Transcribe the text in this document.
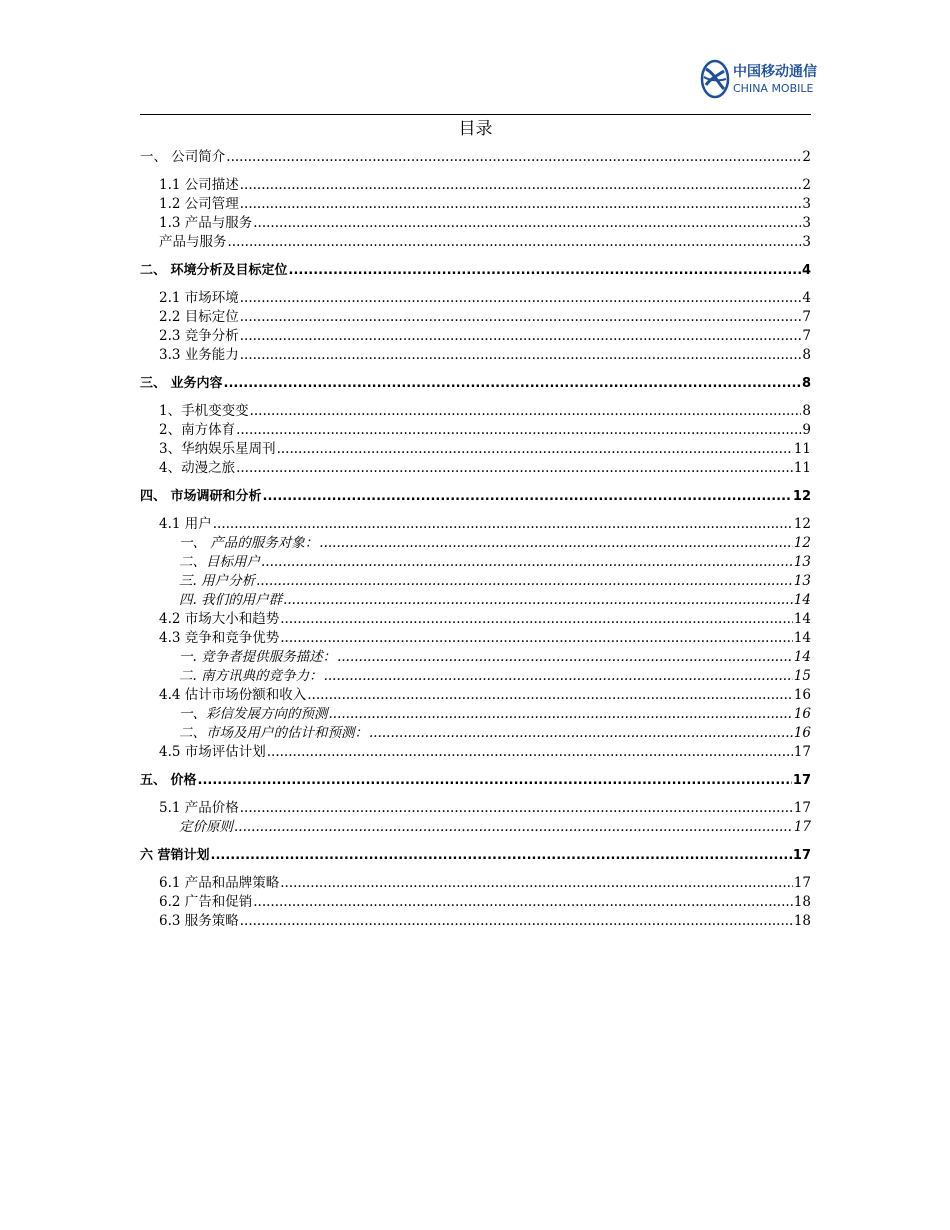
中国移动通信
CHINA MOBILE
目录
一、 公司简介 .....	2
1.1 公司描述 .....	2
1.2 公司管理 .....	3
1.3 产品与服务 .....	3
产品与服务 .....	3
二、 环境分析及目标定位 .....	4
2.1 市场环境 .....	4
2.2 目标定位 .....	7
2.3 竞争分析 .....	7
3.3 业务能力 .....	8
三、 业务内容 .....	8
1、手机变变变 .....	8
2、南方体育 .....	9
3、华纳娱乐星周刊 .....	11
4、动漫之旅 .....	11
四、 市场调研和分析 .....	12
4.1 用户 .....	12
一、 产品的服务对象： .....	12
二、目标用户 .....	13
三. 用户分析 .....	13
四. 我们的用户群 .....	14
4.2 市场大小和趋势 .....	14
4.3 竞争和竞争优势 .....	14
一. 竞争者提供服务描述： .....	14
二. 南方讯典的竞争力： .....	15
4.4 估计市场份额和收入 .....	16
一、彩信发展方向的预测 .....	16
二、市场及用户的估计和预测： .....	16
4.5 市场评估计划 .....	17
五、 价格 .....	17
5.1 产品价格 .....	17
定价原则 .....	17
六 营销计划 .....	17
6.1 产品和品牌策略 .....	17
6.2 广告和促销 .....	18
6.3 服务策略 .....	18
